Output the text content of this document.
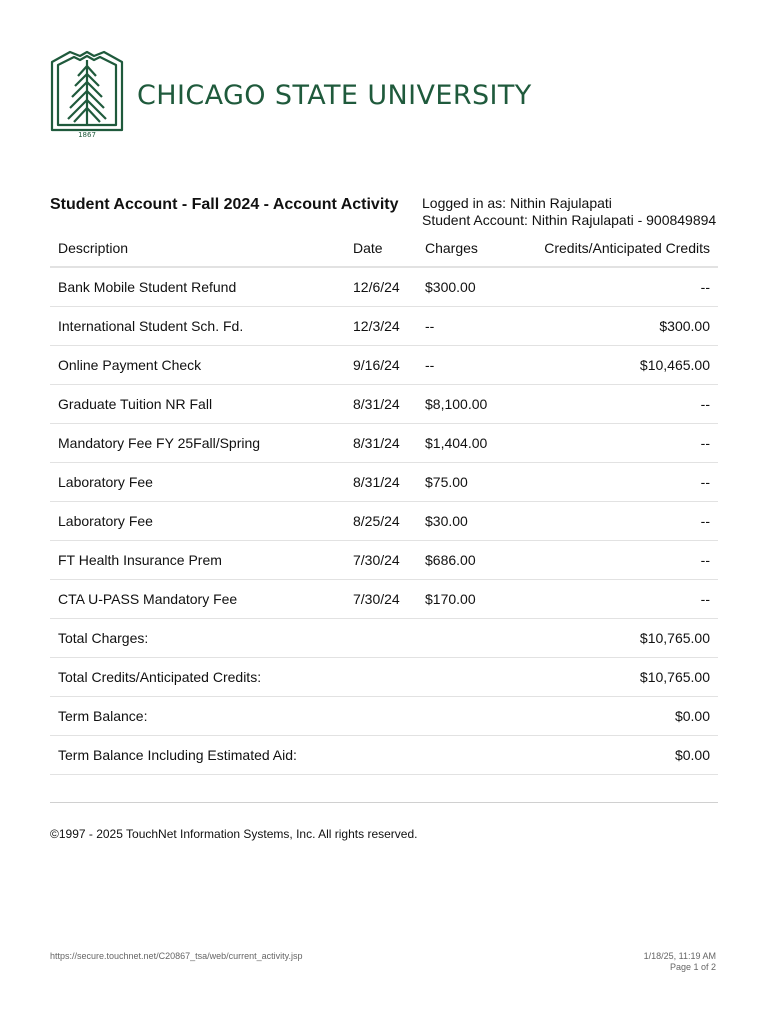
1867
CHICAGO STATE UNIVERSITY
Student Account - Fall 2024 - Account Activity Logged in as: Nithin Rajulapati
Student Account: Nithin Rajulapati - 900849894
Description	Date	Charges	Credits/Anticipated Credits
Bank Mobile Student Refund	12/6/24	$300.00	--
International Student Sch. Fd.	12/3/24	--	$300.00
Online Payment Check	9/16/24	--	$10,465.00
Graduate Tuition NR Fall	8/31/24	$8,100.00	--
Mandatory Fee FY 25Fall/Spring	8/31/24	$1,404.00	--
Laboratory Fee	8/31/24	$75.00	--
Laboratory Fee	8/25/24	$30.00	--
FT Health Insurance Prem	7/30/24	$686.00	--
CTA U-PASS Mandatory Fee	7/30/24	$170.00	--
Total Charges:			$10,765.00
Total Credits/Anticipated Credits:			$10,765.00
Term Balance:			$0.00
Term Balance Including Estimated Aid:			$0.00
©1997 - 2025 TouchNet Information Systems, Inc. All rights reserved.
https://secure.touchnet.net/C20867_tsa/web/current_activity.jsp	1/18/25, 11:19 AM
Page 1 of 2
